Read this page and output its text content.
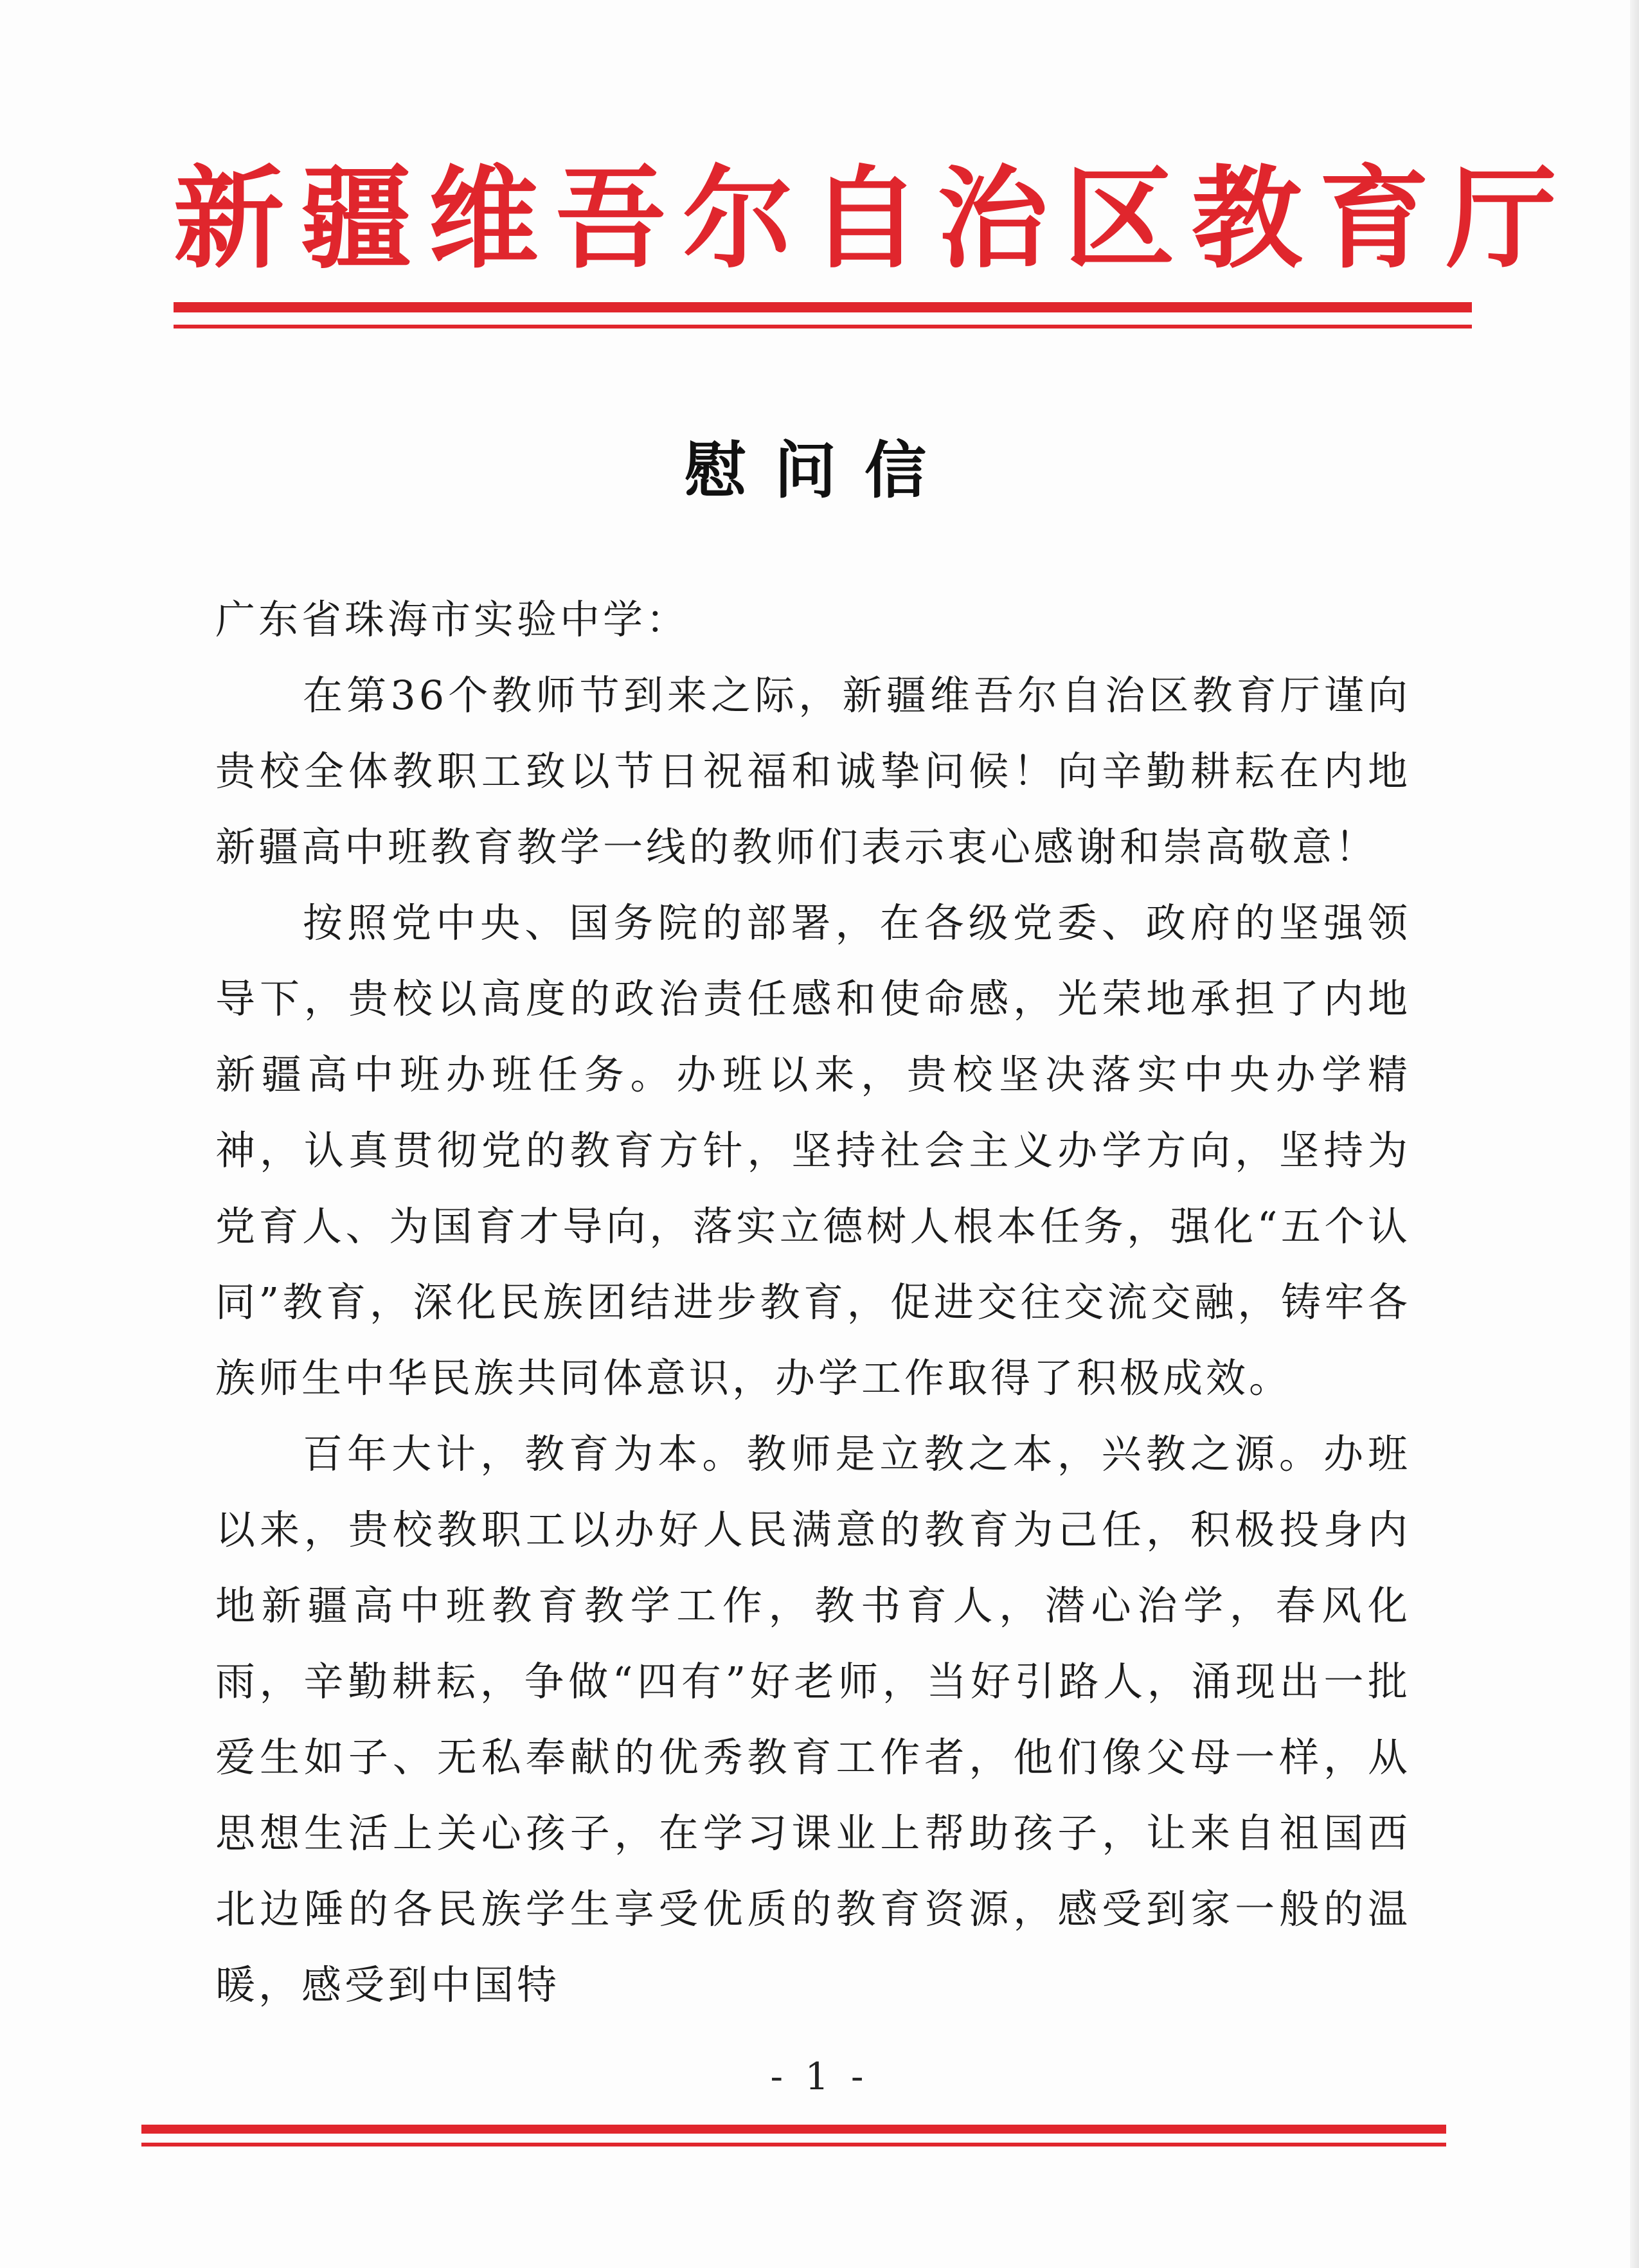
新疆维吾尔自治区教育厅
慰问信

广东省珠海市实验中学：

在第36个教师节到来之际，新疆维吾尔自治区教育厅谨向贵校全体教职工致以节日祝福和诚挚问候！向辛勤耕耘在内地新疆高中班教育教学一线的教师们表示衷心感谢和崇高敬意！

按照党中央、国务院的部署，在各级党委、政府的坚强领导下，贵校以高度的政治责任感和使命感，光荣地承担了内地新疆高中班办班任务。办班以来，贵校坚决落实中央办学精神，认真贯彻党的教育方针，坚持社会主义办学方向，坚持为党育人、为国育才导向，落实立德树人根本任务，强化“五个认同”教育，深化民族团结进步教育，促进交往交流交融，铸牢各族师生中华民族共同体意识，办学工作取得了积极成效。

百年大计，教育为本。教师是立教之本，兴教之源。办班以来，贵校教职工以办好人民满意的教育为己任，积极投身内地新疆高中班教育教学工作，教书育人，潜心治学，春风化雨，辛勤耕耘，争做“四有”好老师，当好引路人，涌现出一批爱生如子、无私奉献的优秀教育工作者，他们像父母一样，从思想生活上关心孩子，在学习课业上帮助孩子，让来自祖国西北边陲的各民族学生享受优质的教育资源，感受到家一般的温暖，感受到中国特

- 1 -
